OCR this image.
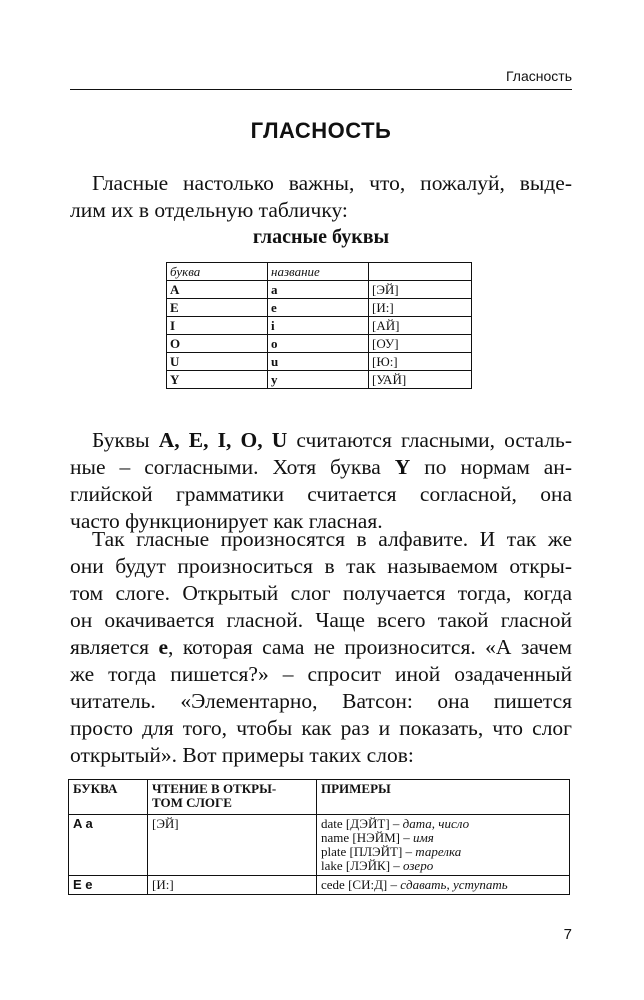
Гласность
ГЛАСНОСТЬ
Гласные настолько важны, что, пожалуй, выде-
лим их в отдельную табличку:
гласные буквы
буква	название	
A	a	[ЭЙ]
E	e	[И:]
I	i	[АЙ]
O	o	[ОУ]
U	u	[Ю:]
Y	y	[УАЙ]
Буквы A, E, I, O, U считаются гласными, осталь-
ные – согласными. Хотя буква Y по нормам ан-
глийской грамматики считается согласной, она
часто функционирует как гласная.
Так гласные произносятся в алфавите. И так же
они будут произноситься в так называемом откры-
том слоге. Открытый слог получается тогда, когда
он окачивается гласной. Чаще всего такой гласной
является e, которая сама не произносится. «А зачем
же тогда пишется?» – спросит иной озадаченный
читатель. «Элементарно, Ватсон: она пишется
просто для того, чтобы как раз и показать, что слог
открытый». Вот примеры таких слов:
БУКВА	ЧТЕНИЕ В ОТКРЫ-
ТОМ СЛОГЕ	ПРИМЕРЫ
A a	[ЭЙ]	date [ДЭЙТ] – дата, число
name [НЭЙМ] – имя
plate [ПЛЭЙТ] – тарелка
lake [ЛЭЙК] – озеро

E e	[И:]	cede [СИ:Д] – сдавать, уступать
7
